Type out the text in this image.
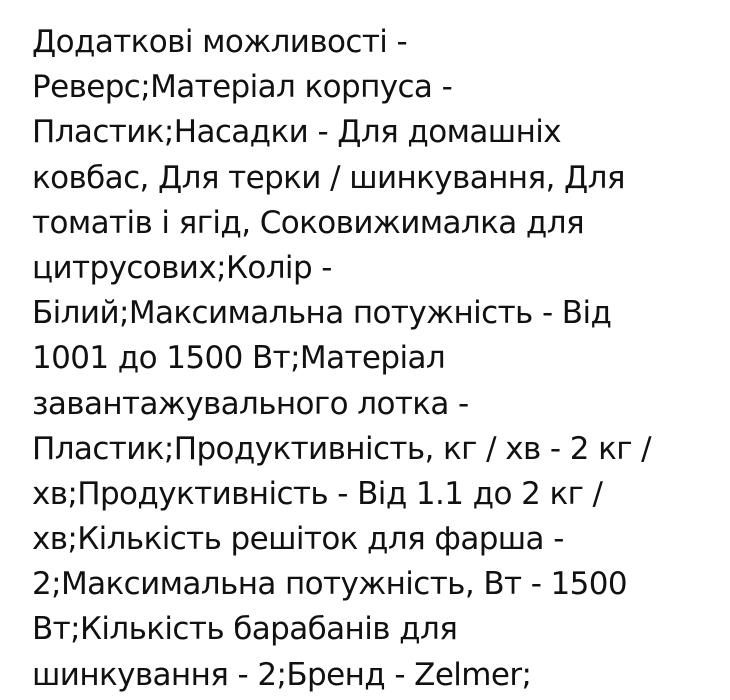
Додаткові можливості -
Реверс;Матеріал корпуса -
Пластик;Насадки - Для домашніх
ковбас, Для терки / шинкування, Для
томатів і ягід, Соковижималка для
цитрусових;Колір -
Білий;Максимальна потужність - Від
1001 до 1500 Вт;Матеріал
завантажувального лотка -
Пластик;Продуктивність, кг / хв - 2 кг /
хв;Продуктивність - Від 1.1 до 2 кг /
хв;Кількість решіток для фарша -
2;Максимальна потужність, Вт - 1500
Вт;Кількість барабанів для
шинкування - 2;Бренд - Zelmer;
